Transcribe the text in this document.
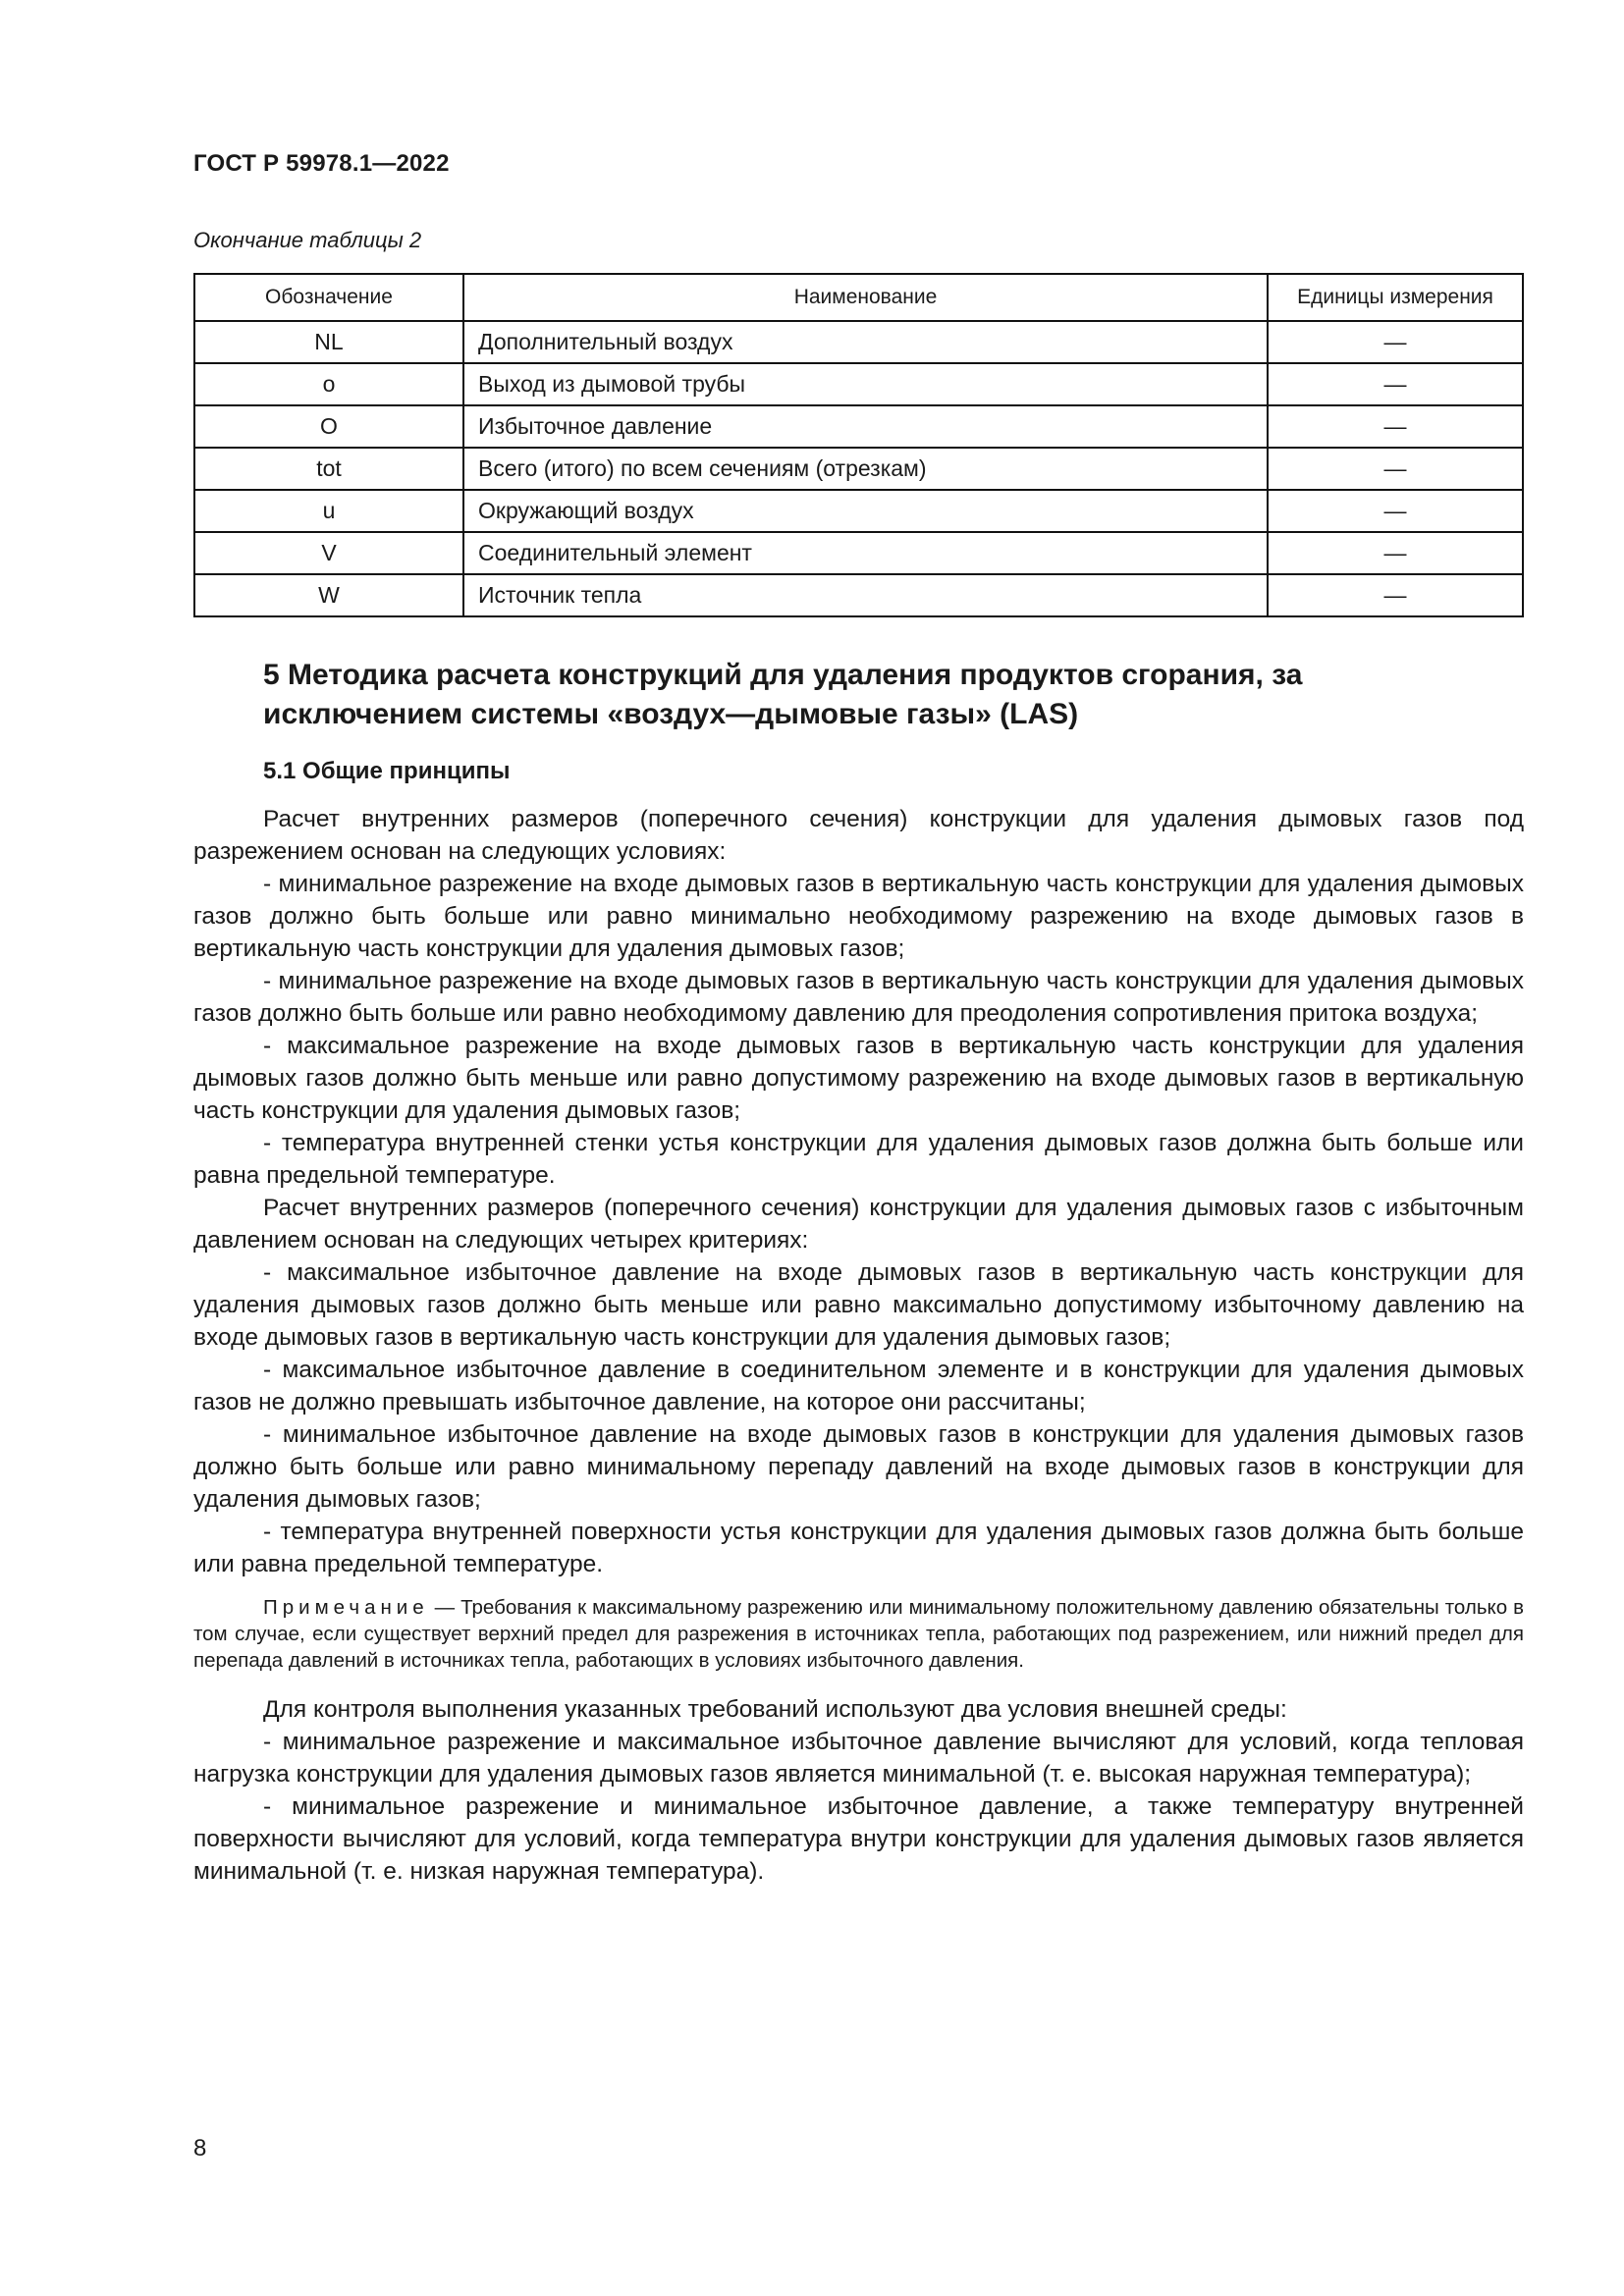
ГОСТ Р 59978.1—2022
Окончание таблицы 2
Обозначение	Наименование	Единицы измерения
NL	Дополнительный воздух	—
o	Выход из дымовой трубы	—
O	Избыточное давление	—
tot	Всего (итого) по всем сечениям (отрезкам)	—
u	Окружающий воздух	—
V	Соединительный элемент	—
W	Источник тепла	—
5 Методика расчета конструкций для удаления продуктов сгорания, за исключением системы «воздух—дымовые газы» (LAS)
5.1 Общие принципы

Расчет внутренних размеров (поперечного сечения) конструкции для удаления дымовых газов под разрежением основан на следующих условиях:

- минимальное разрежение на входе дымовых газов в вертикальную часть конструкции для удаления дымовых газов должно быть больше или равно минимально необходимому разрежению на входе дымовых газов в вертикальную часть конструкции для удаления дымовых газов;

- минимальное разрежение на входе дымовых газов в вертикальную часть конструкции для удаления дымовых газов должно быть больше или равно необходимому давлению для преодоления сопротивления притока воздуха;

- максимальное разрежение на входе дымовых газов в вертикальную часть конструкции для удаления дымовых газов должно быть меньше или равно допустимому разрежению на входе дымовых газов в вертикальную часть конструкции для удаления дымовых газов;

- температура внутренней стенки устья конструкции для удаления дымовых газов должна быть больше или равна предельной температуре.

Расчет внутренних размеров (поперечного сечения) конструкции для удаления дымовых газов с избыточным давлением основан на следующих четырех критериях:

- максимальное избыточное давление на входе дымовых газов в вертикальную часть конструкции для удаления дымовых газов должно быть меньше или равно максимально допустимому избыточному давлению на входе дымовых газов в вертикальную часть конструкции для удаления дымовых газов;

- максимальное избыточное давление в соединительном элементе и в конструкции для удаления дымовых газов не должно превышать избыточное давление, на которое они рассчитаны;

- минимальное избыточное давление на входе дымовых газов в конструкции для удаления дымовых газов должно быть больше или равно минимальному перепаду давлений на входе дымовых газов в конструкции для удаления дымовых газов;

- температура внутренней поверхности устья конструкции для удаления дымовых газов должна быть больше или равна предельной температуре.

Примечание — Требования к максимальному разрежению или минимальному положительному давлению обязательны только в том случае, если существует верхний предел для разрежения в источниках тепла, работающих под разрежением, или нижний предел для перепада давлений в источниках тепла, работающих в условиях избыточного давления.

Для контроля выполнения указанных требований используют два условия внешней среды:

- минимальное разрежение и максимальное избыточное давление вычисляют для условий, когда тепловая нагрузка конструкции для удаления дымовых газов является минимальной (т. е. высокая наружная температура);

- минимальное разрежение и минимальное избыточное давление, а также температуру внутренней поверхности вычисляют для условий, когда температура внутри конструкции для удаления дымовых газов является минимальной (т. е. низкая наружная температура).

8
